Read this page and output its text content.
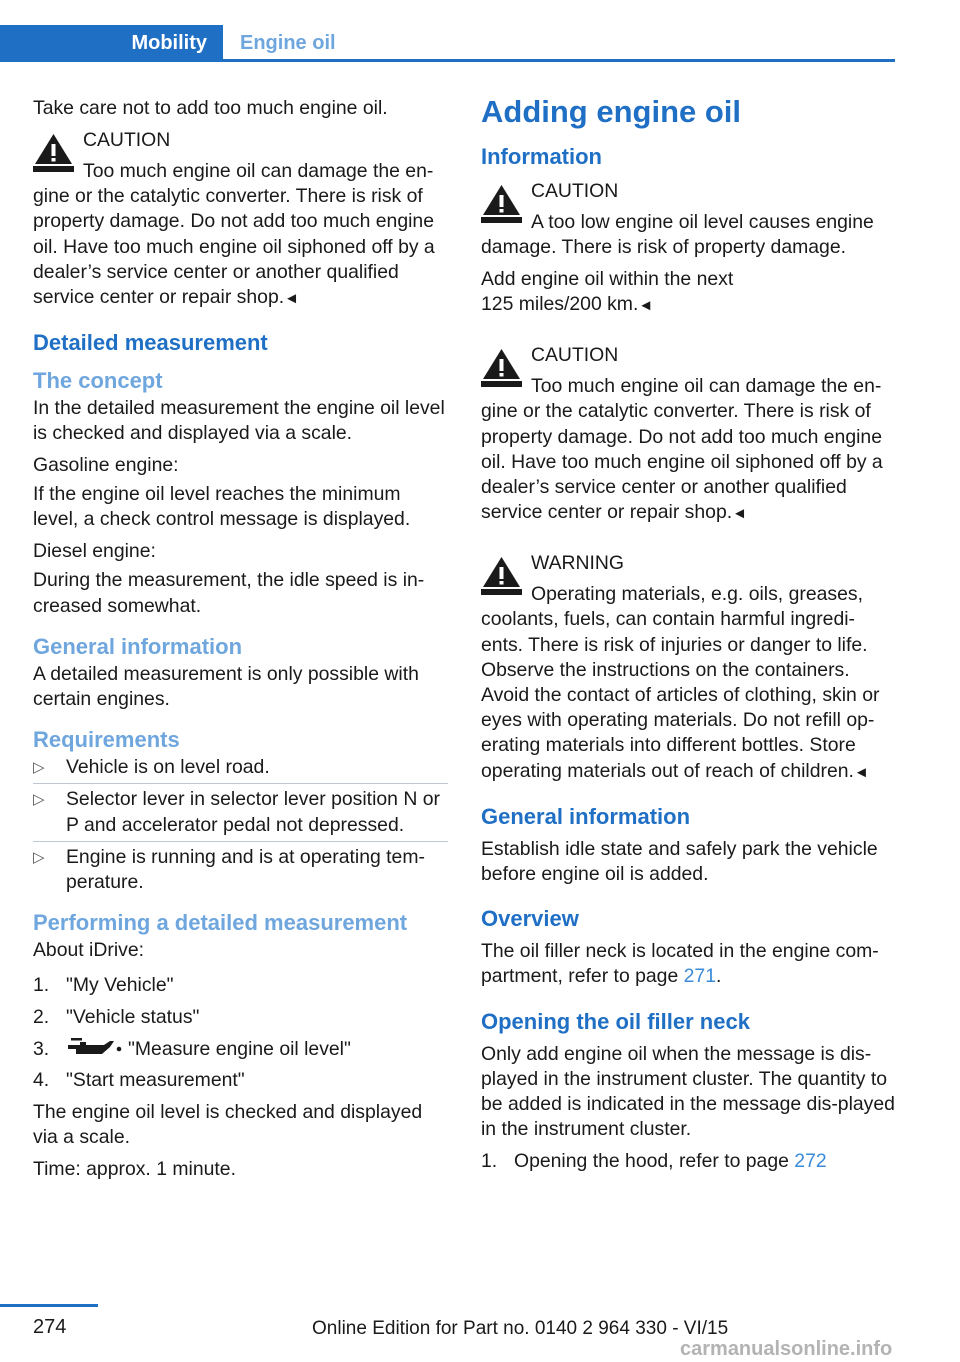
Mobility	Engine oil

Take care not to add too much engine oil.

CAUTION
Too much engine oil can damage the en‐gine or the catalytic converter. There is risk of property damage. Do not add too much engine oil. Have too much engine oil siphoned off by a dealer’s service center or another qualified service center or repair shop.◄
Detailed measurement
The concept

In the detailed measurement the engine oil level is checked and displayed via a scale.

Gasoline engine:

If the engine oil level reaches the minimum level, a check control message is displayed.

Diesel engine:

During the measurement, the idle speed is in‐creased somewhat.

General information

A detailed measurement is only possible with certain engines.

Requirements
▷ Vehicle is on level road.
▷ Selector lever in selector lever position N or P and accelerator pedal not depressed.
▷ Engine is running and is at operating tem‐perature.
Performing a detailed measurement

About iDrive:

1. "My Vehicle"
2. "Vehicle status"
3.	"Measure engine oil level"
4. "Start measurement"

The engine oil level is checked and displayed via a scale.

Time: approx. 1 minute.

Adding engine oil
Information
CAUTION
A too low engine oil level causes engine damage. There is risk of property damage.

Add engine oil within the next
125 miles/200 km.◄

CAUTION
Too much engine oil can damage the en‐gine or the catalytic converter. There is risk of property damage. Do not add too much engine oil. Have too much engine oil siphoned off by a dealer’s service center or another qualified service center or repair shop.◄
WARNING
Operating materials, e.g. oils, greases, coolants, fuels, can contain harmful ingredi‐ents. There is risk of injuries or danger to life. Observe the instructions on the containers. Avoid the contact of articles of clothing, skin or eyes with operating materials. Do not refill op‐erating materials into different bottles. Store operating materials out of reach of children.◄
General information

Establish idle state and safely park the vehicle before engine oil is added.

Overview

The oil filler neck is located in the engine com‐partment, refer to page 271.

Opening the oil filler neck

Only add engine oil when the message is dis‐played in the instrument cluster. The quantity to be added is indicated in the message dis‐played in the instrument cluster.

1. Opening the hood, refer to page 272
274	Online Edition for Part no. 0140 2 964 330 - VI/15
carmanualsonline.info
